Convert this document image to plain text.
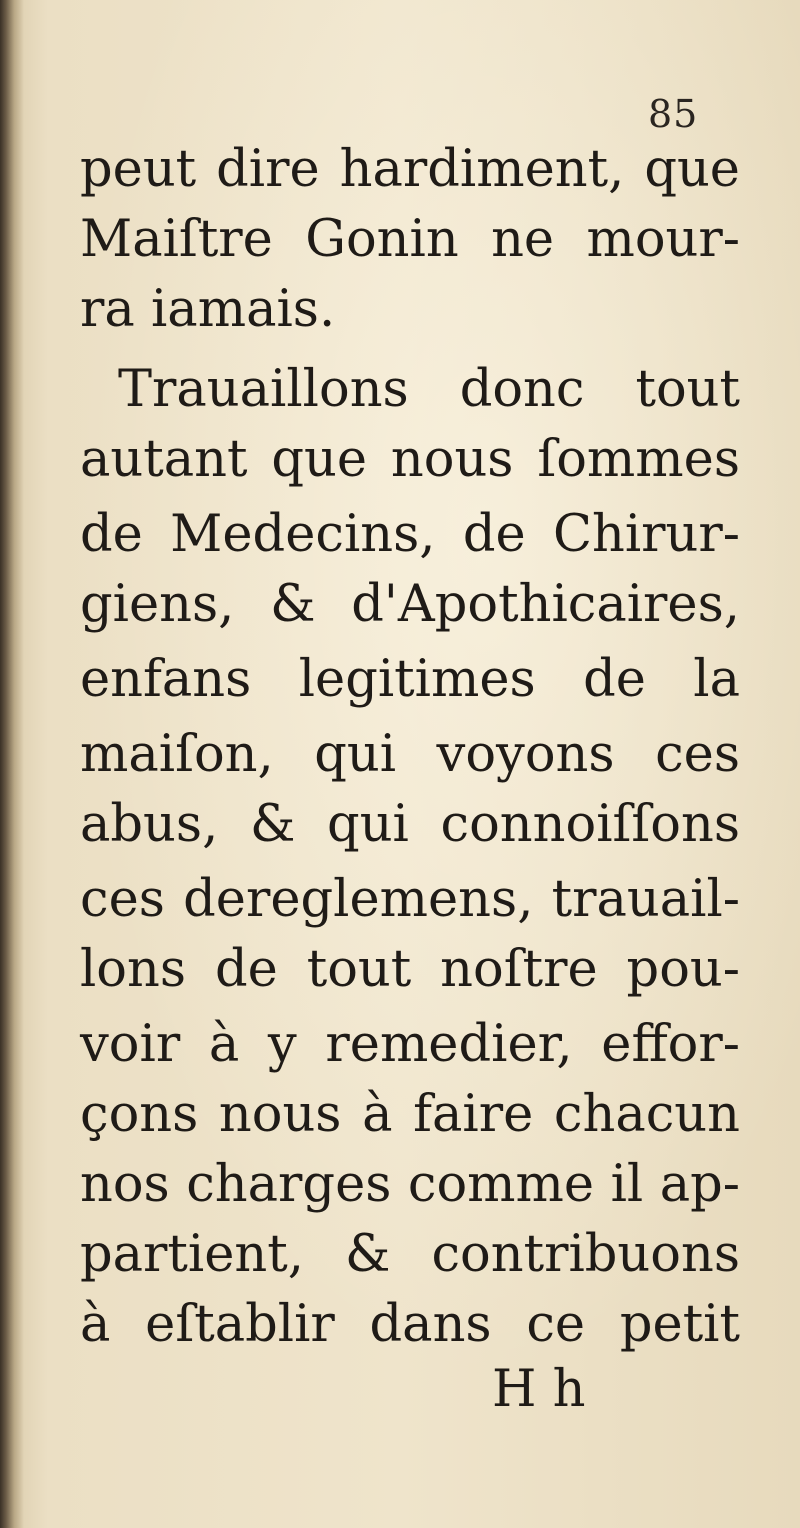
85
peut dire hardiment, que
Maiſtre Gonin ne mour-
ra iamais.
Trauaillons donc tout
autant que nous ſommes
de Medecins, de Chirur-
giens, & d'Apothicaires,
enfans legitimes de la
maiſon, qui voyons ces
abus, & qui connoiſſons
ces dereglemens, trauail-
lons de tout noſtre pou-
voir à y remedier, effor-
çons nous à faire chacun
nos charges comme il ap-
partient, & contribuons
à eſtablir dans ce petit
H h
